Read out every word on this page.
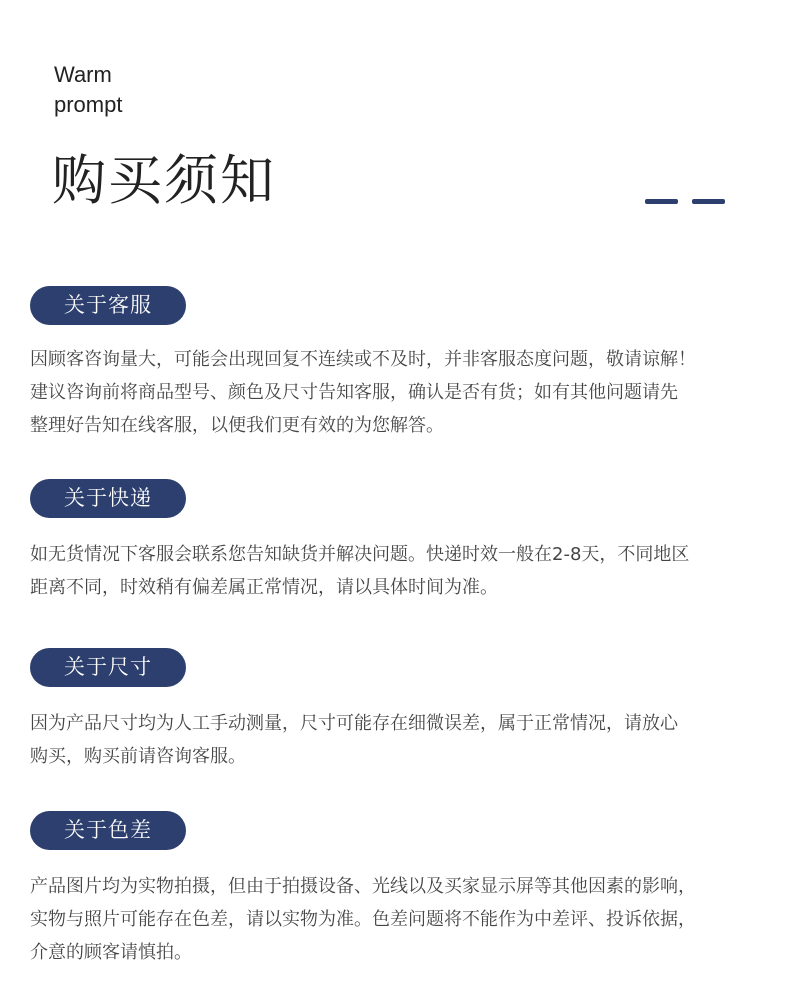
Warm
prompt
购买须知
关于客服

因顾客咨询量大，可能会出现回复不连续或不及时，并非客服态度问题，敬请谅解！
建议咨询前将商品型号、颜色及尺寸告知客服，确认是否有货；如有其他问题请先
整理好告知在线客服，以便我们更有效的为您解答。

关于快递

如无货情况下客服会联系您告知缺货并解决问题。快递时效一般在2-8天，不同地区
距离不同，时效稍有偏差属正常情况，请以具体时间为准。

关于尺寸

因为产品尺寸均为人工手动测量，尺寸可能存在细微误差，属于正常情况，请放心
购买，购买前请咨询客服。

关于色差

产品图片均为实物拍摄，但由于拍摄设备、光线以及买家显示屏等其他因素的影响，
实物与照片可能存在色差，请以实物为准。色差问题将不能作为中差评、投诉依据，
介意的顾客请慎拍。
